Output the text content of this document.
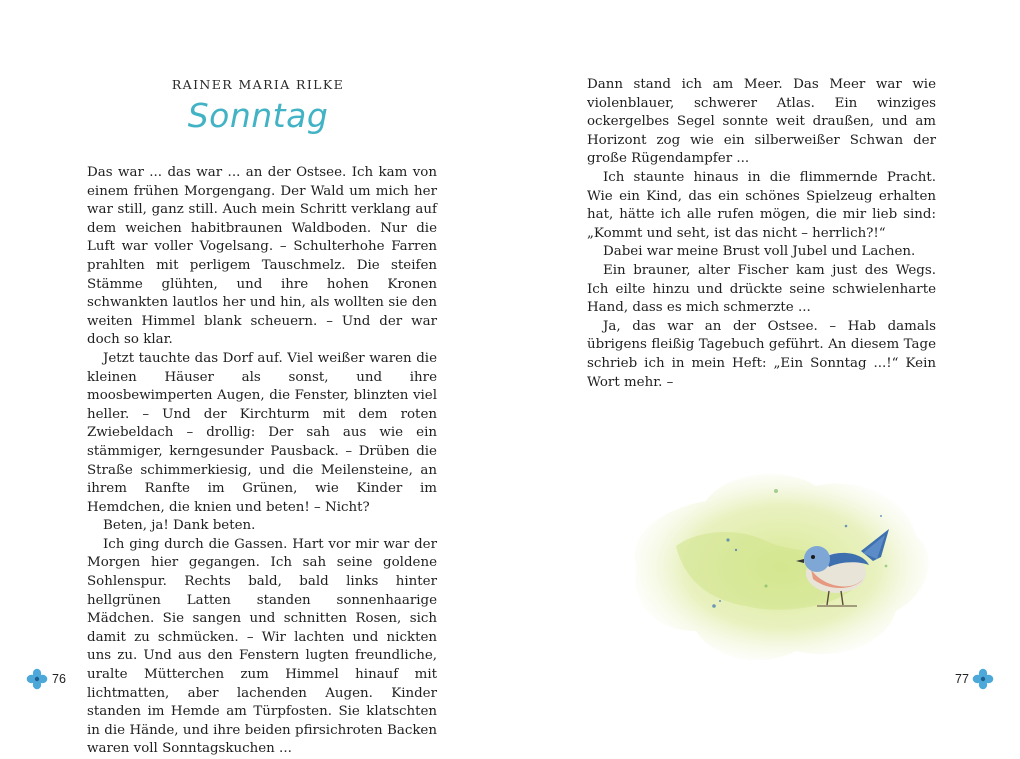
RAINER MARIA RILKE
Sonntag

Das war ... das war ... an der Ostsee. Ich kam von einem frühen Morgengang. Der Wald um mich her war still, ganz still. Auch mein Schritt verklang auf dem weichen habitbraunen Waldboden. Nur die Luft war voller Vogelsang. – Schulterhohe Farren prahlten mit perligem Tauschmelz. Die steifen Stämme glühten, und ihre hohen Kronen schwankten lautlos her und hin, als wollten sie den weiten Himmel blank scheuern. – Und der war doch so klar.

Jetzt tauchte das Dorf auf. Viel weißer waren die kleinen Häuser als sonst, und ihre moosbewimperten Augen, die Fenster, blinzten viel heller. – Und der Kirchturm mit dem roten Zwiebeldach – drollig: Der sah aus wie ein stämmiger, kerngesunder Pausback. – Drüben die Straße schimmerkiesig, und die Meilensteine, an ihrem Ranfte im Grünen, wie Kinder im Hemdchen, die knien und beten! – Nicht?

Beten, ja! Dank beten.

Ich ging durch die Gassen. Hart vor mir war der Morgen hier gegangen. Ich sah seine goldene Sohlenspur. Rechts bald, bald links hinter hellgrünen Latten standen sonnenhaarige Mädchen. Sie sangen und schnitten Rosen, sich damit zu schmücken. – Wir lachten und nickten uns zu. Und aus den Fenstern lugten freundliche, uralte Mütterchen zum Himmel hinauf mit lichtmatten, aber lachenden Augen. Kinder standen im Hemde am Türpfosten. Sie klatschten in die Hände, und ihre beiden pfirsichroten Backen waren voll Sonntagskuchen ...

76

Dann stand ich am Meer. Das Meer war wie violenblauer, schwerer Atlas. Ein winziges ockergelbes Segel sonnte weit draußen, und am Horizont zog wie ein silberweißer Schwan der große Rügendampfer ...

Ich staunte hinaus in die flimmernde Pracht. Wie ein Kind, das ein schönes Spielzeug erhalten hat, hätte ich alle rufen mögen, die mir lieb sind: „Kommt und seht, ist das nicht – herrlich?!“

Dabei war meine Brust voll Jubel und Lachen.

Ein brauner, alter Fischer kam just des Wegs. Ich eilte hinzu und drückte seine schwielenharte Hand, dass es mich schmerzte ...

Ja, das war an der Ostsee. – Hab damals übrigens fleißig Tagebuch geführt. An diesem Tage schrieb ich in mein Heft: „Ein Sonntag ...!“ Kein Wort mehr. –

77
